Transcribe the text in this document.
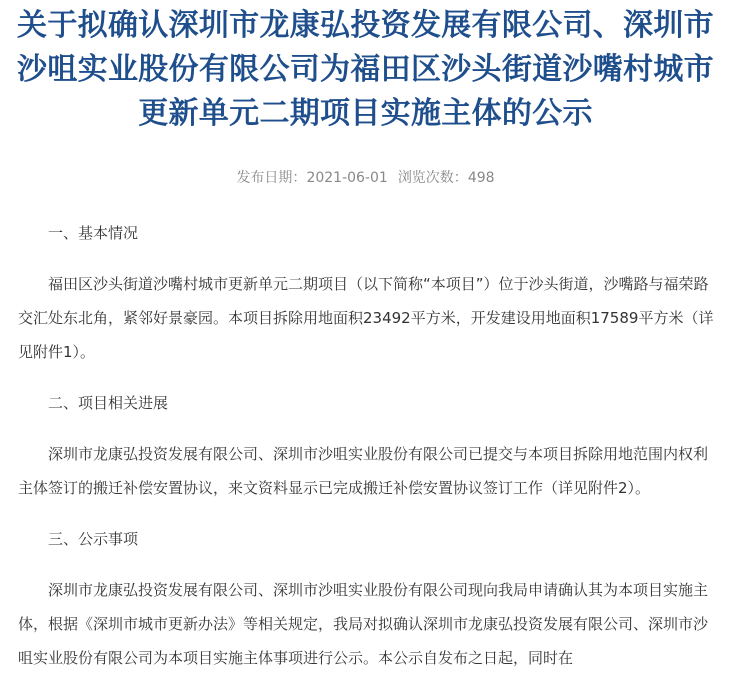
关于拟确认深圳市龙康弘投资发展有限公司、深圳市沙咀实业股份有限公司为福田区沙头街道沙嘴村城市更新单元二期项目实施主体的公示
发布日期：2021-06-01 浏览次数：498

一、基本情况

福田区沙头街道沙嘴村城市更新单元二期项目（以下简称“本项目”）位于沙头街道，沙嘴路与福荣路交汇处东北角，紧邻好景豪园。本项目拆除用地面积23492平方米，开发建设用地面积17589平方米（详见附件1）。

二、项目相关进展

深圳市龙康弘投资发展有限公司、深圳市沙咀实业股份有限公司已提交与本项目拆除用地范围内权利主体签订的搬迁补偿安置协议，来文资料显示已完成搬迁补偿安置协议签订工作（详见附件2）。

三、公示事项

深圳市龙康弘投资发展有限公司、深圳市沙咀实业股份有限公司现向我局申请确认其为本项目实施主体，根据《深圳市城市更新办法》等相关规定，我局对拟确认深圳市龙康弘投资发展有限公司、深圳市沙咀实业股份有限公司为本项目实施主体事项进行公示。本公示自发布之日起，同时在
